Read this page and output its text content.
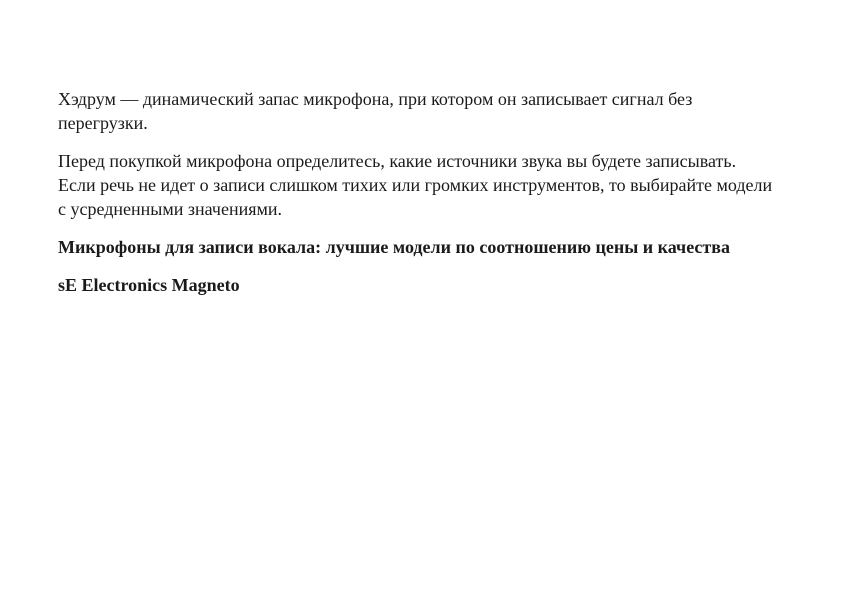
Хэдрум — динамический запас микрофона, при котором он записывает сигнал без перегрузки.

Перед покупкой микрофона определитесь, какие источники звука вы будете записывать. Если речь не идет о записи слишком тихих или громких инструментов, то выбирайте модели с усредненными значениями.

Микрофоны для записи вокала: лучшие модели по соотношению цены и качества
sE Electronics Magneto
